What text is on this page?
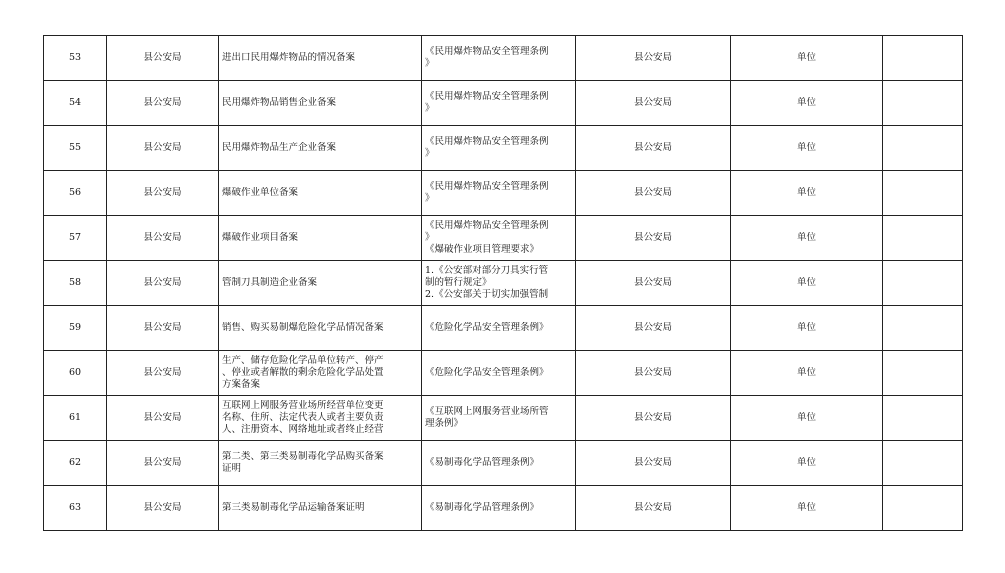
53	县公安局	进出口民用爆炸物品的情况备案	《民用爆炸物品安全管理条例
》	县公安局	单位	

54	县公安局	民用爆炸物品销售企业备案	《民用爆炸物品安全管理条例
》	县公安局	单位	

55	县公安局	民用爆炸物品生产企业备案	《民用爆炸物品安全管理条例
》	县公安局	单位	

56	县公安局	爆破作业单位备案	《民用爆炸物品安全管理条例
》	县公安局	单位	

57	县公安局	爆破作业项目备案	《民用爆炸物品安全管理条例
》
《爆破作业项目管理要求》	县公安局	单位	

58	县公安局	管制刀具制造企业备案	1.《公安部对部分刀具实行管
制的暂行规定》
2.《公安部关于切实加强管制	县公安局	单位	

59	县公安局	销售、购买易制爆危险化学品情况备案	《危险化学品安全管理条例》	县公安局	单位	

60	县公安局	生产、储存危险化学品单位转产、停产
、停业或者解散的剩余危险化学品处置
方案备案	《危险化学品安全管理条例》	县公安局	单位	

61	县公安局	互联网上网服务营业场所经营单位变更
名称、住所、法定代表人或者主要负责
人、注册资本、网络地址或者终止经营	《互联网上网服务营业场所管
理条例》	县公安局	单位	

62	县公安局	第二类、第三类易制毒化学品购买备案
证明	《易制毒化学品管理条例》	县公安局	单位	

63	县公安局	第三类易制毒化学品运输备案证明	《易制毒化学品管理条例》	县公安局	单位	
